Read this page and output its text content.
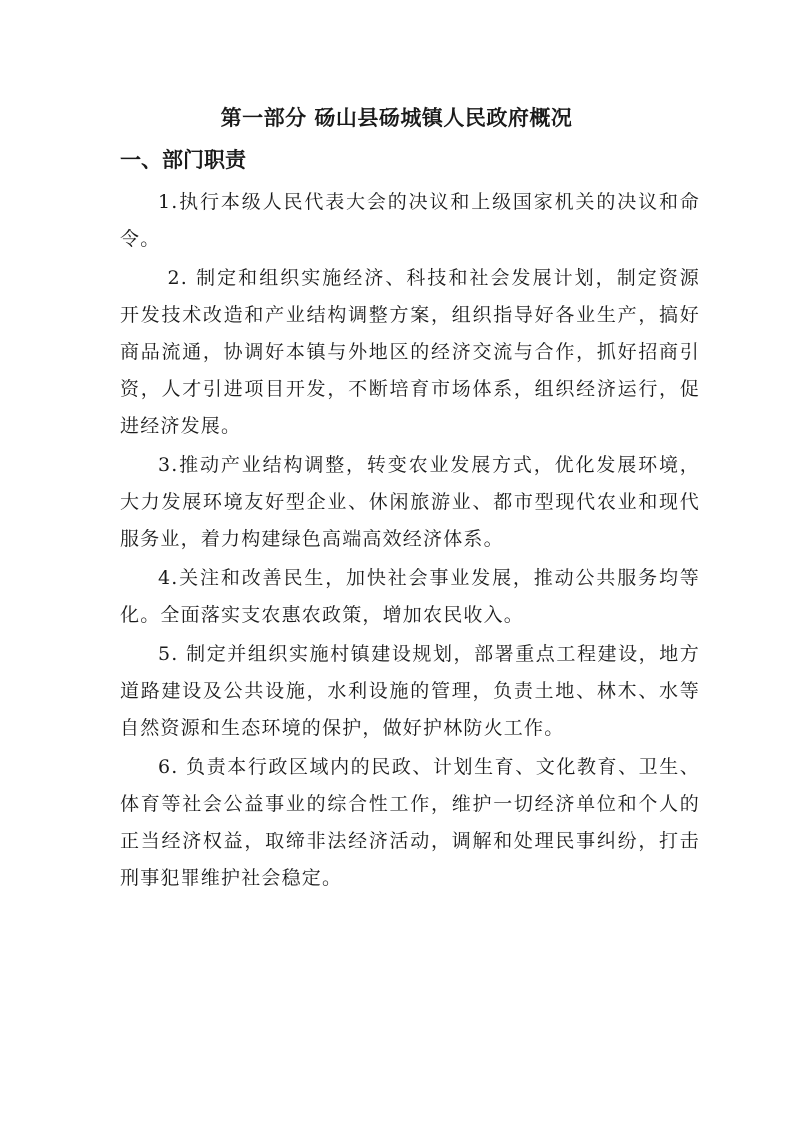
第一部分 砀山县砀城镇人民政府概况
一、部门职责

1.执行本级人民代表大会的决议和上级国家机关的决议和命令。

2. 制定和组织实施经济、科技和社会发展计划，制定资源开发技术改造和产业结构调整方案，组织指导好各业生产，搞好商品流通，协调好本镇与外地区的经济交流与合作，抓好招商引资，人才引进项目开发，不断培育市场体系，组织经济运行，促进经济发展。

3.推动产业结构调整，转变农业发展方式，优化发展环境，大力发展环境友好型企业、休闲旅游业、都市型现代农业和现代服务业，着力构建绿色高端高效经济体系。

4.关注和改善民生，加快社会事业发展，推动公共服务均等化。全面落实支农惠农政策，增加农民收入。

5. 制定并组织实施村镇建设规划，部署重点工程建设，地方道路建设及公共设施，水利设施的管理，负责土地、林木、水等自然资源和生态环境的保护，做好护林防火工作。

6. 负责本行政区域内的民政、计划生育、文化教育、卫生、体育等社会公益事业的综合性工作，维护一切经济单位和个人的正当经济权益，取缔非法经济活动，调解和处理民事纠纷，打击刑事犯罪维护社会稳定。
